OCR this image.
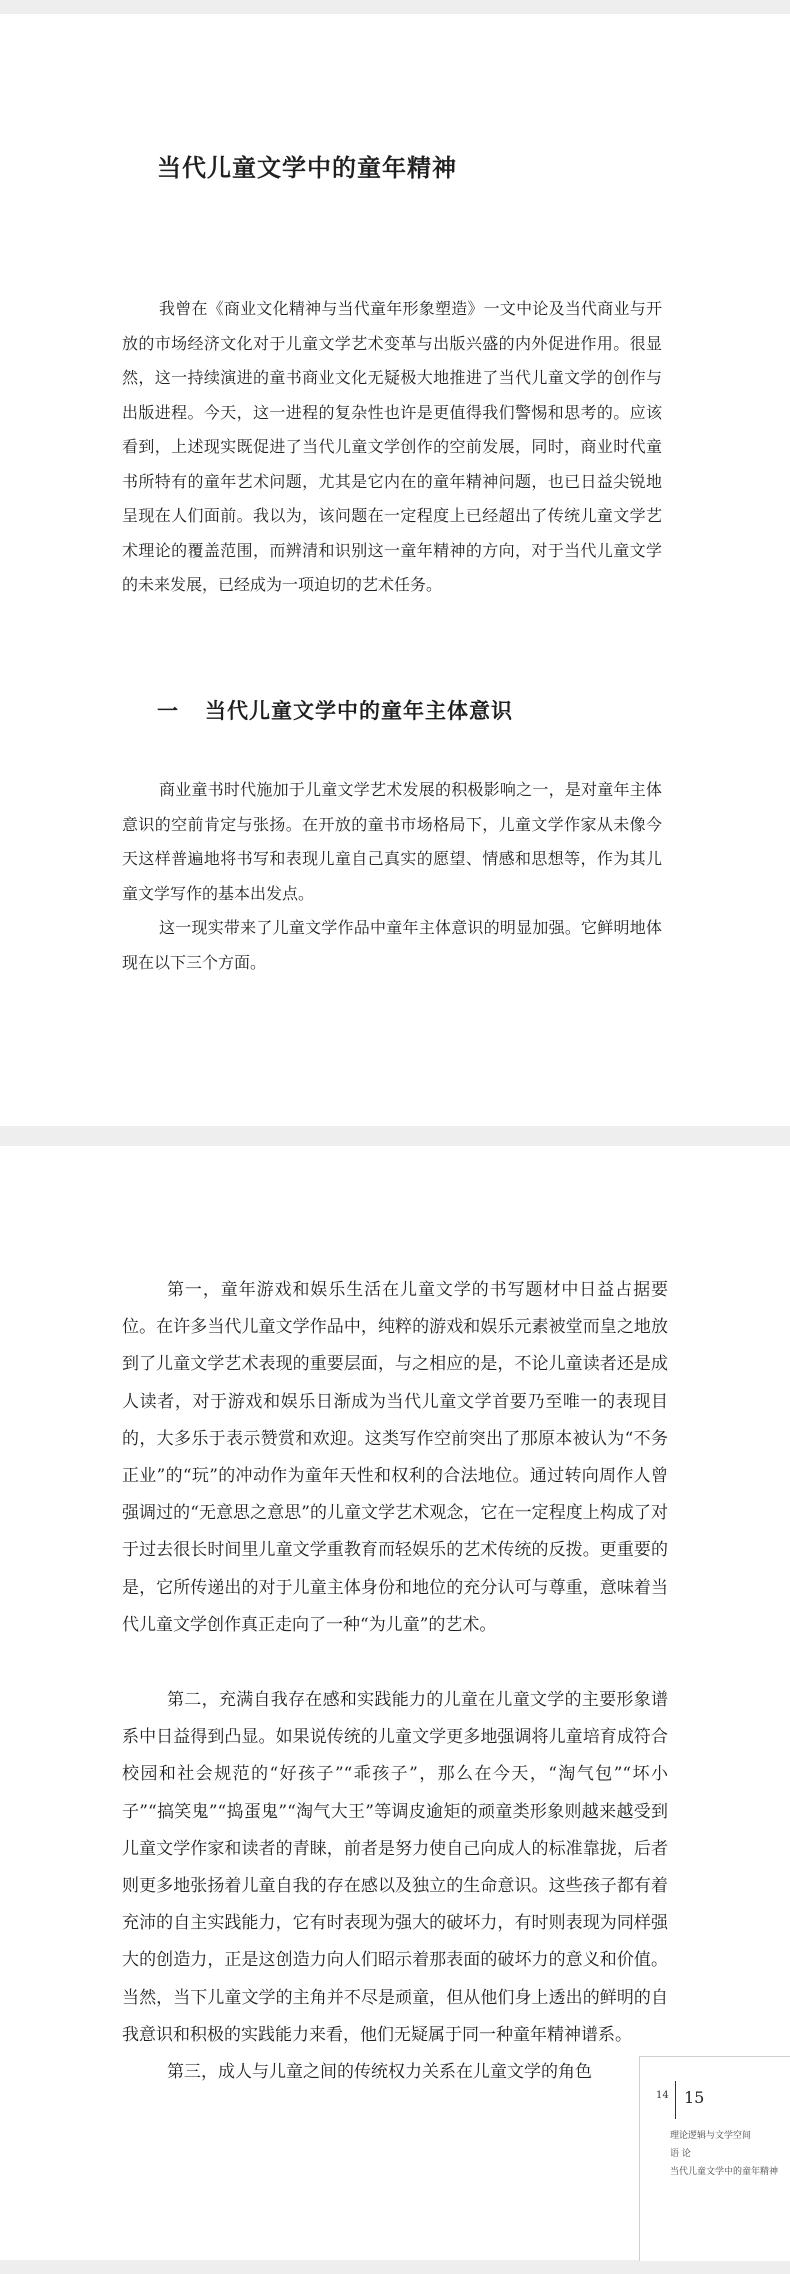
当代儿童文学中的童年精神

我曾在《商业文化精神与当代童年形象塑造》一文中论及当代商业与开放的市场经济文化对于儿童文学艺术变革与出版兴盛的内外促进作用。很显然，这一持续演进的童书商业文化无疑极大地推进了当代儿童文学的创作与出版进程。今天，这一进程的复杂性也许是更值得我们警惕和思考的。应该看到，上述现实既促进了当代儿童文学创作的空前发展，同时，商业时代童书所特有的童年艺术问题，尤其是它内在的童年精神问题，也已日益尖锐地呈现在人们面前。我以为，该问题在一定程度上已经超出了传统儿童文学艺术理论的覆盖范围，而辨清和识别这一童年精神的方向，对于当代儿童文学的未来发展，已经成为一项迫切的艺术任务。

一 当代儿童文学中的童年主体意识

商业童书时代施加于儿童文学艺术发展的积极影响之一，是对童年主体意识的空前肯定与张扬。在开放的童书市场格局下，儿童文学作家从未像今天这样普遍地将书写和表现儿童自己真实的愿望、情感和思想等，作为其儿童文学写作的基本出发点。

这一现实带来了儿童文学作品中童年主体意识的明显加强。它鲜明地体现在以下三个方面。

第一，童年游戏和娱乐生活在儿童文学的书写题材中日益占据要位。在许多当代儿童文学作品中，纯粹的游戏和娱乐元素被堂而皇之地放到了儿童文学艺术表现的重要层面，与之相应的是，不论儿童读者还是成人读者，对于游戏和娱乐日渐成为当代儿童文学首要乃至唯一的表现目的，大多乐于表示赞赏和欢迎。这类写作空前突出了那原本被认为“不务正业”的“玩”的冲动作为童年天性和权利的合法地位。通过转向周作人曾强调过的“无意思之意思”的儿童文学艺术观念，它在一定程度上构成了对于过去很长时间里儿童文学重教育而轻娱乐的艺术传统的反拨。更重要的是，它所传递出的对于儿童主体身份和地位的充分认可与尊重，意味着当代儿童文学创作真正走向了一种“为儿童”的艺术。

第二，充满自我存在感和实践能力的儿童在儿童文学的主要形象谱系中日益得到凸显。如果说传统的儿童文学更多地强调将儿童培育成符合校园和社会规范的“好孩子”“乖孩子”，那么在今天，“淘气包”“坏小子”“搞笑鬼”“捣蛋鬼”“淘气大王”等调皮逾矩的顽童类形象则越来越受到儿童文学作家和读者的青睐，前者是努力使自己向成人的标准靠拢，后者则更多地张扬着儿童自我的存在感以及独立的生命意识。这些孩子都有着充沛的自主实践能力，它有时表现为强大的破坏力，有时则表现为同样强大的创造力，正是这创造力向人们昭示着那表面的破坏力的意义和价值。当然，当下儿童文学的主角并不尽是顽童，但从他们身上透出的鲜明的自我意识和积极的实践能力来看，他们无疑属于同一种童年精神谱系。

第三，成人与儿童之间的传统权力关系在儿童文学的角色

14 15
理论逻辑与文学空间
语 论
当代儿童文学中的童年精神
